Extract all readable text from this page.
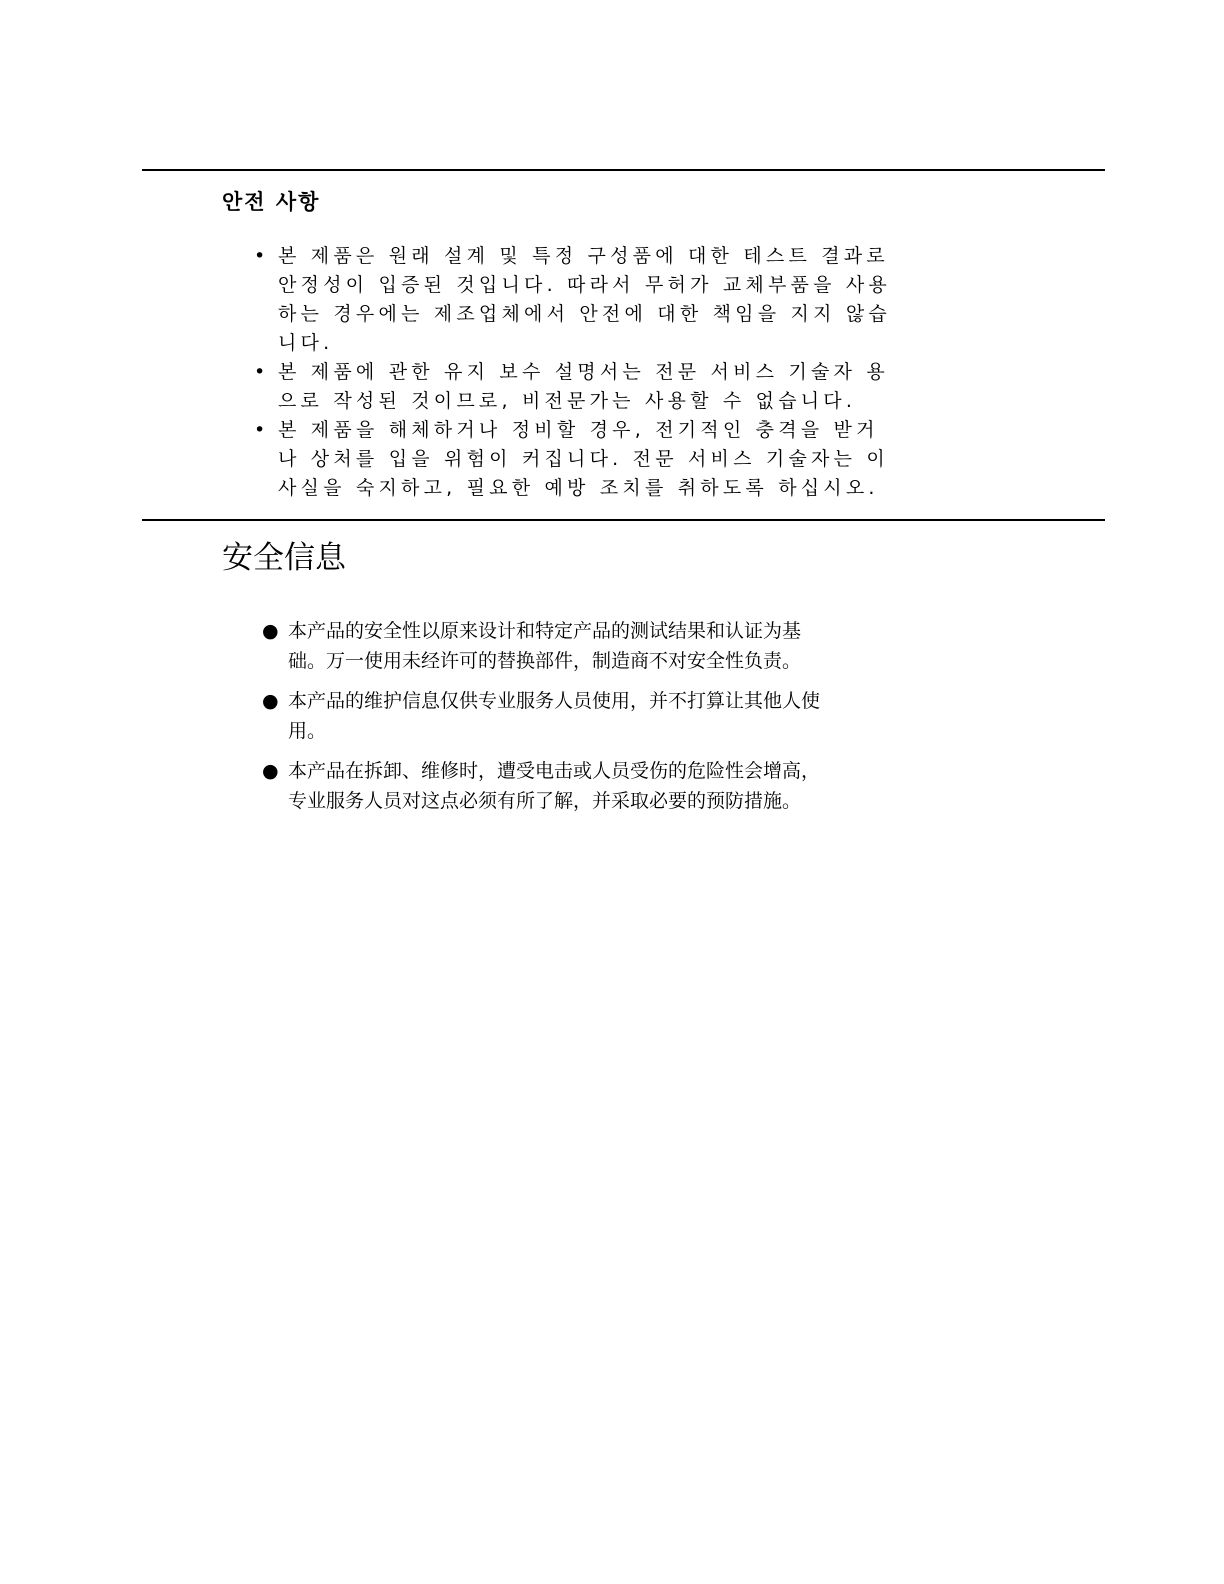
안전 사항
• 본 제품은 원래 설계 및 특정 구성품에 대한 테스트 결과로 안정성이 입증된 것입니다. 따라서 무허가 교체부품을 사용하는 경우에는 제조업체에서 안전에 대한 책임을 지지 않습니다.
• 본 제품에 관한 유지 보수 설명서는 전문 서비스 기술자 용으로 작성된 것이므로, 비전문가는 사용할 수 없습니다.
• 본 제품을 해체하거나 정비할 경우, 전기적인 충격을 받거나 상처를 입을 위험이 커집니다. 전문 서비스 기술자는 이 사실을 숙지하고, 필요한 예방 조치를 취하도록 하십시오.
安全信息
● 本产品的安全性以原来设计和特定产品的测试结果和认证为基础。万一使用未经许可的替换部件，制造商不对安全性负责。
● 本产品的维护信息仅供专业服务人员使用，并不打算让其他人使用。
● 本产品在拆卸、维修时，遭受电击或人员受伤的危险性会增高，专业服务人员对这点必须有所了解，并采取必要的预防措施。
